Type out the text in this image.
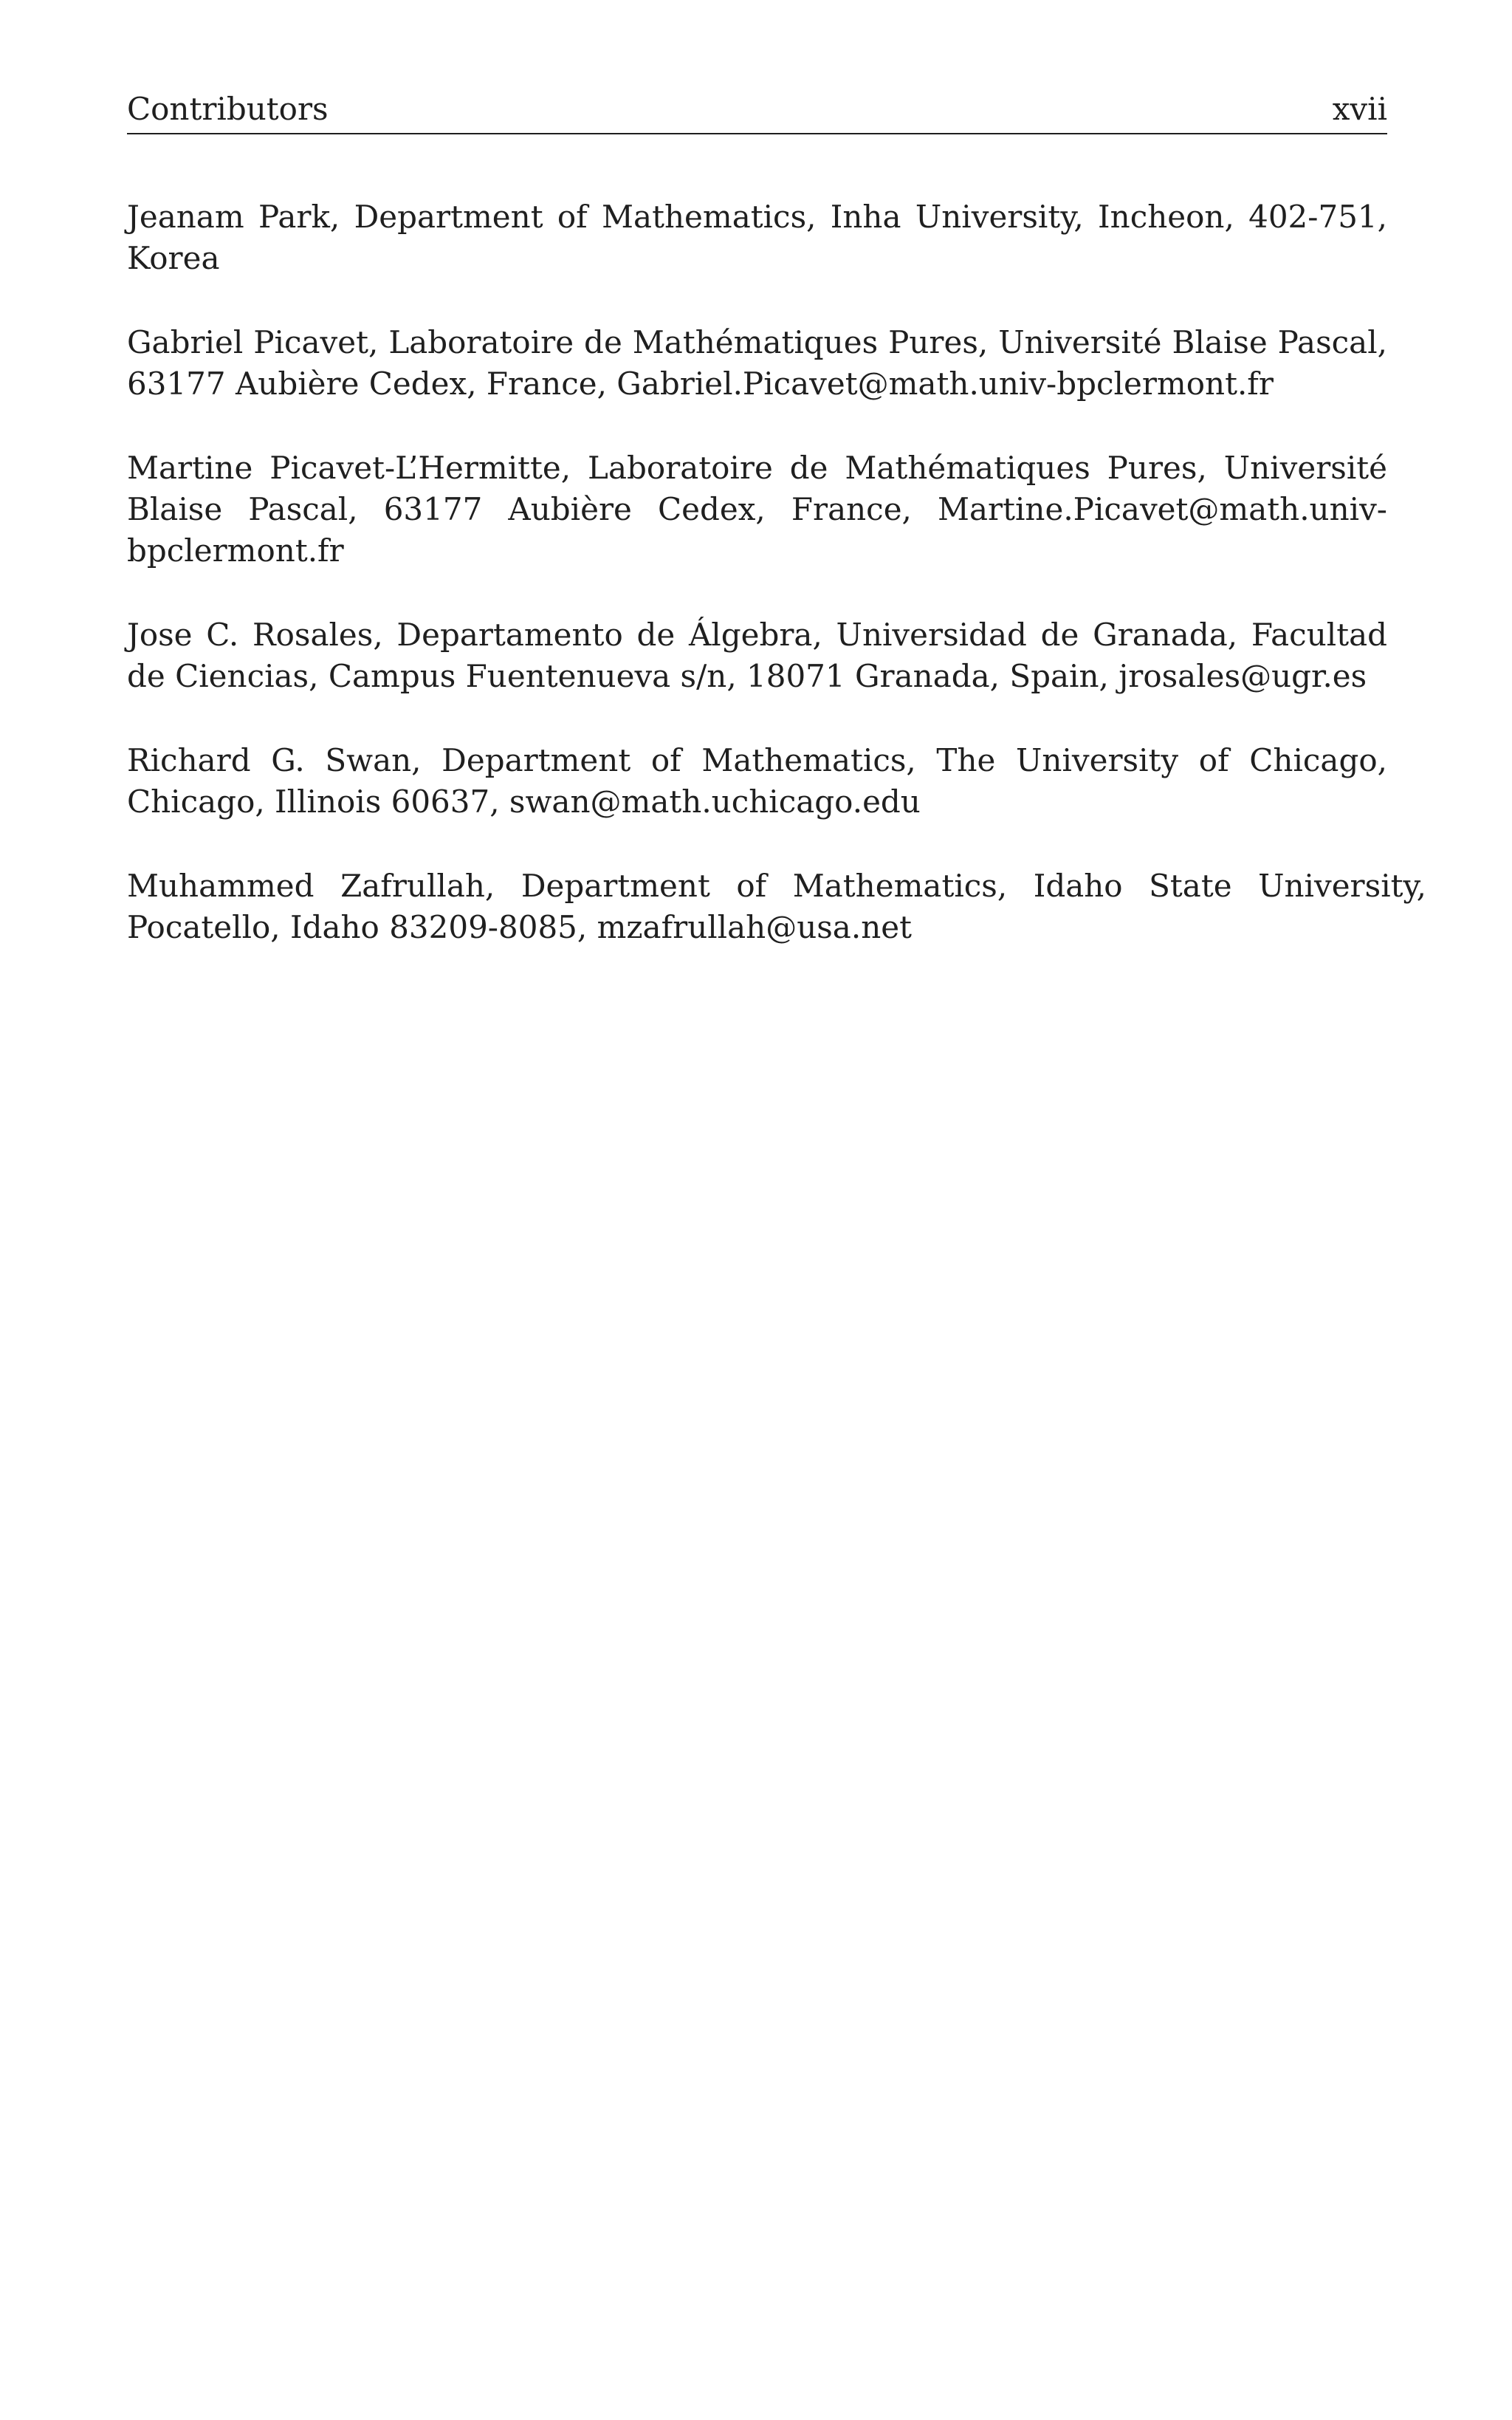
Contributors	xvii

Jeanam Park, Department of Mathematics, Inha University, Incheon, 402-751, Korea

Gabriel Picavet, Laboratoire de Mathématiques Pures, Université Blaise Pascal, 63177 Aubière Cedex, France, Gabriel.Picavet@math.univ-bpclermont.fr

Martine Picavet-L’Hermitte, Laboratoire de Mathématiques Pures, Université Blaise Pascal, 63177 Aubière Cedex, France, Martine.Picavet@math.univ-bpclermont.fr

Jose C. Rosales, Departamento de Álgebra, Universidad de Granada, Facultad de Ciencias, Campus Fuentenueva s/n, 18071 Granada, Spain, jrosales@ugr.es

Richard G. Swan, Department of Mathematics, The University of Chicago, Chicago, Illinois 60637, swan@math.uchicago.edu

Muhammed Zafrullah, Department of Mathematics, Idaho State University, Pocatello, Idaho 83209-8085, mzafrullah@usa.net
